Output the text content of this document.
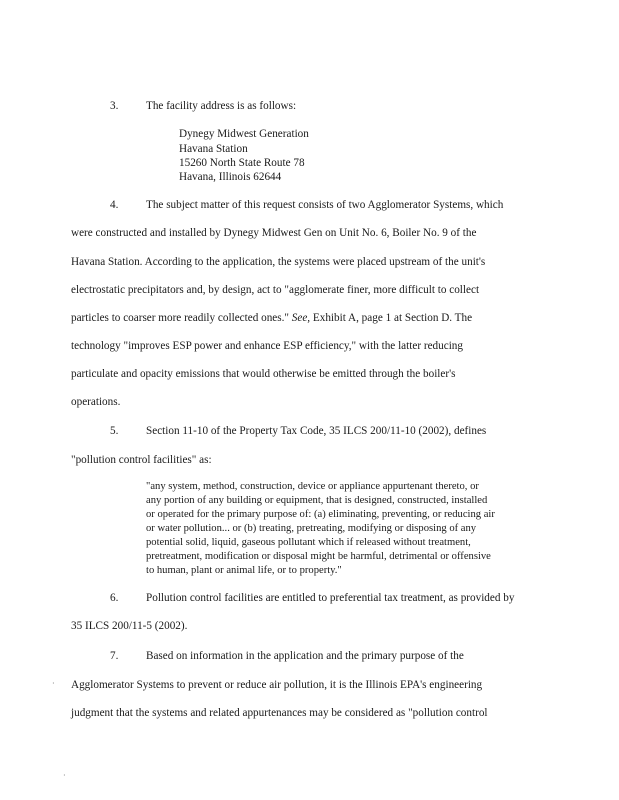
3. The facility address is as follows:
Dynegy Midwest Generation
Havana Station
15260 North State Route 78
Havana, Illinois 62644
4. The subject matter of this request consists of two Agglomerator Systems, which
were constructed and installed by Dynegy Midwest Gen on Unit No. 6, Boiler No. 9 of the
Havana Station. According to the application, the systems were placed upstream of the unit's
electrostatic precipitators and, by design, act to "agglomerate finer, more difficult to collect
particles to coarser more readily collected ones." See, Exhibit A, page 1 at Section D. The
technology "improves ESP power and enhance ESP efficiency," with the latter reducing
particulate and opacity emissions that would otherwise be emitted through the boiler's
operations.
5. Section 11-10 of the Property Tax Code, 35 ILCS 200/11-10 (2002), defines
"pollution control facilities" as:
"any system, method, construction, device or appliance appurtenant thereto, or
any portion of any building or equipment, that is designed, constructed, installed
or operated for the primary purpose of: (a) eliminating, preventing, or reducing air
or water pollution... or (b) treating, pretreating, modifying or disposing of any
potential solid, liquid, gaseous pollutant which if released without treatment,
pretreatment, modification or disposal might be harmful, detrimental or offensive
to human, plant or animal life, or to property."
6. Pollution control facilities are entitled to preferential tax treatment, as provided by
35 ILCS 200/11-5 (2002).
7. Based on information in the application and the primary purpose of the
Agglomerator Systems to prevent or reduce air pollution, it is the Illinois EPA's engineering
judgment that the systems and related appurtenances may be considered as "pollution control
·
·
